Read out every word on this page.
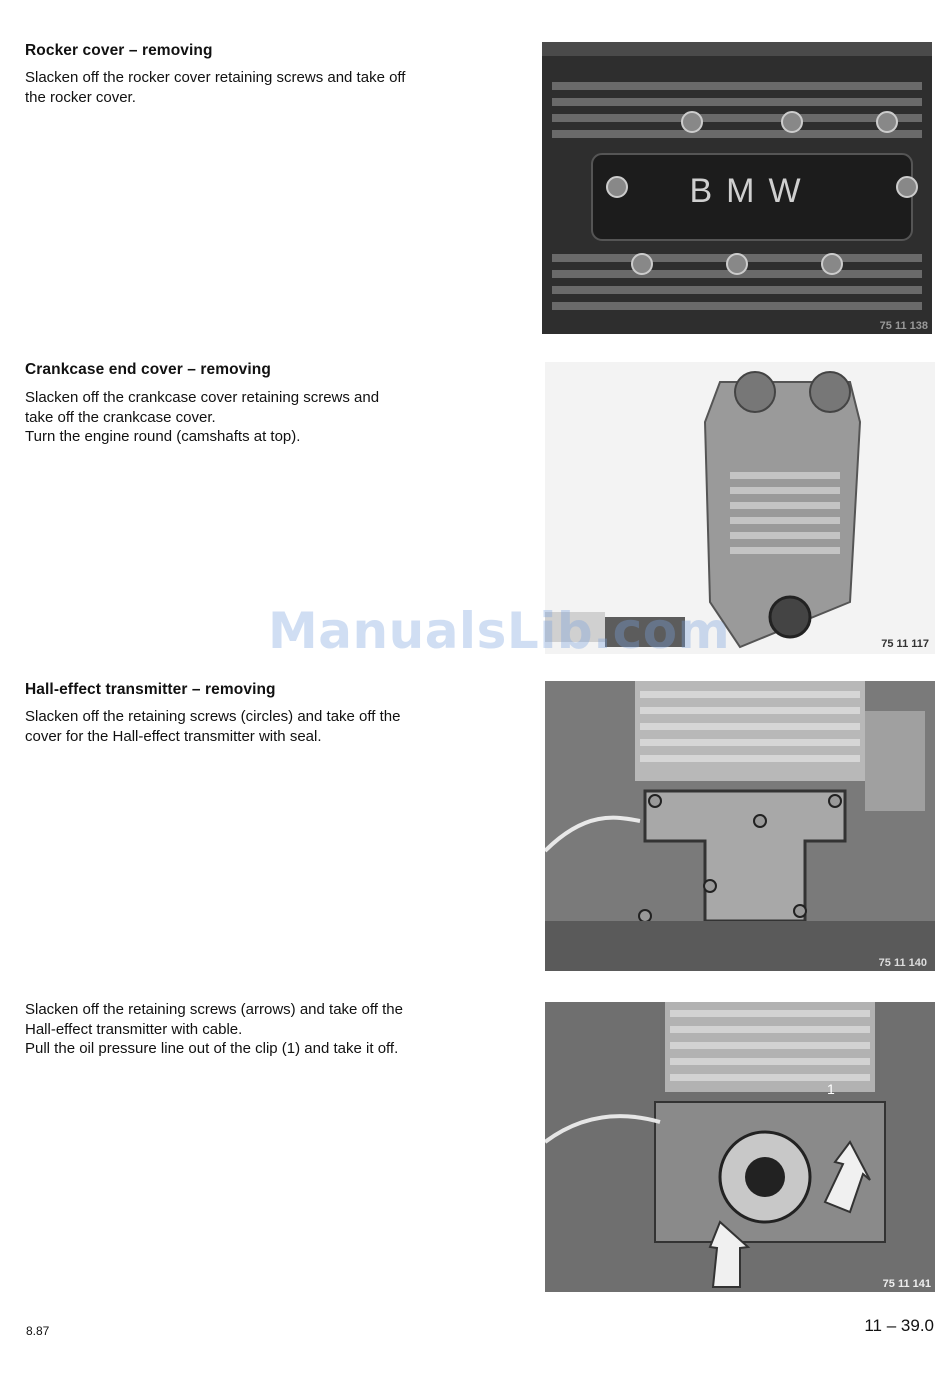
Rocker cover – removing

Slacken off the rocker cover retaining screws and take off
the rocker cover.

BMW
75 11 138
Crankcase end cover – removing

Slacken off the crankcase cover retaining screws and
take off the crankcase cover.
Turn the engine round (camshafts at top).

75 11 117
ManualsLib.com
Hall-effect transmitter – removing

Slacken off the retaining screws (circles) and take off the
cover for the Hall-effect transmitter with seal.

75 11 140

Slacken off the retaining screws (arrows) and take off the
Hall-effect transmitter with cable.
Pull the oil pressure line out of the clip (1) and take it off.

1
75 11 141
8.87	11 – 39.0
